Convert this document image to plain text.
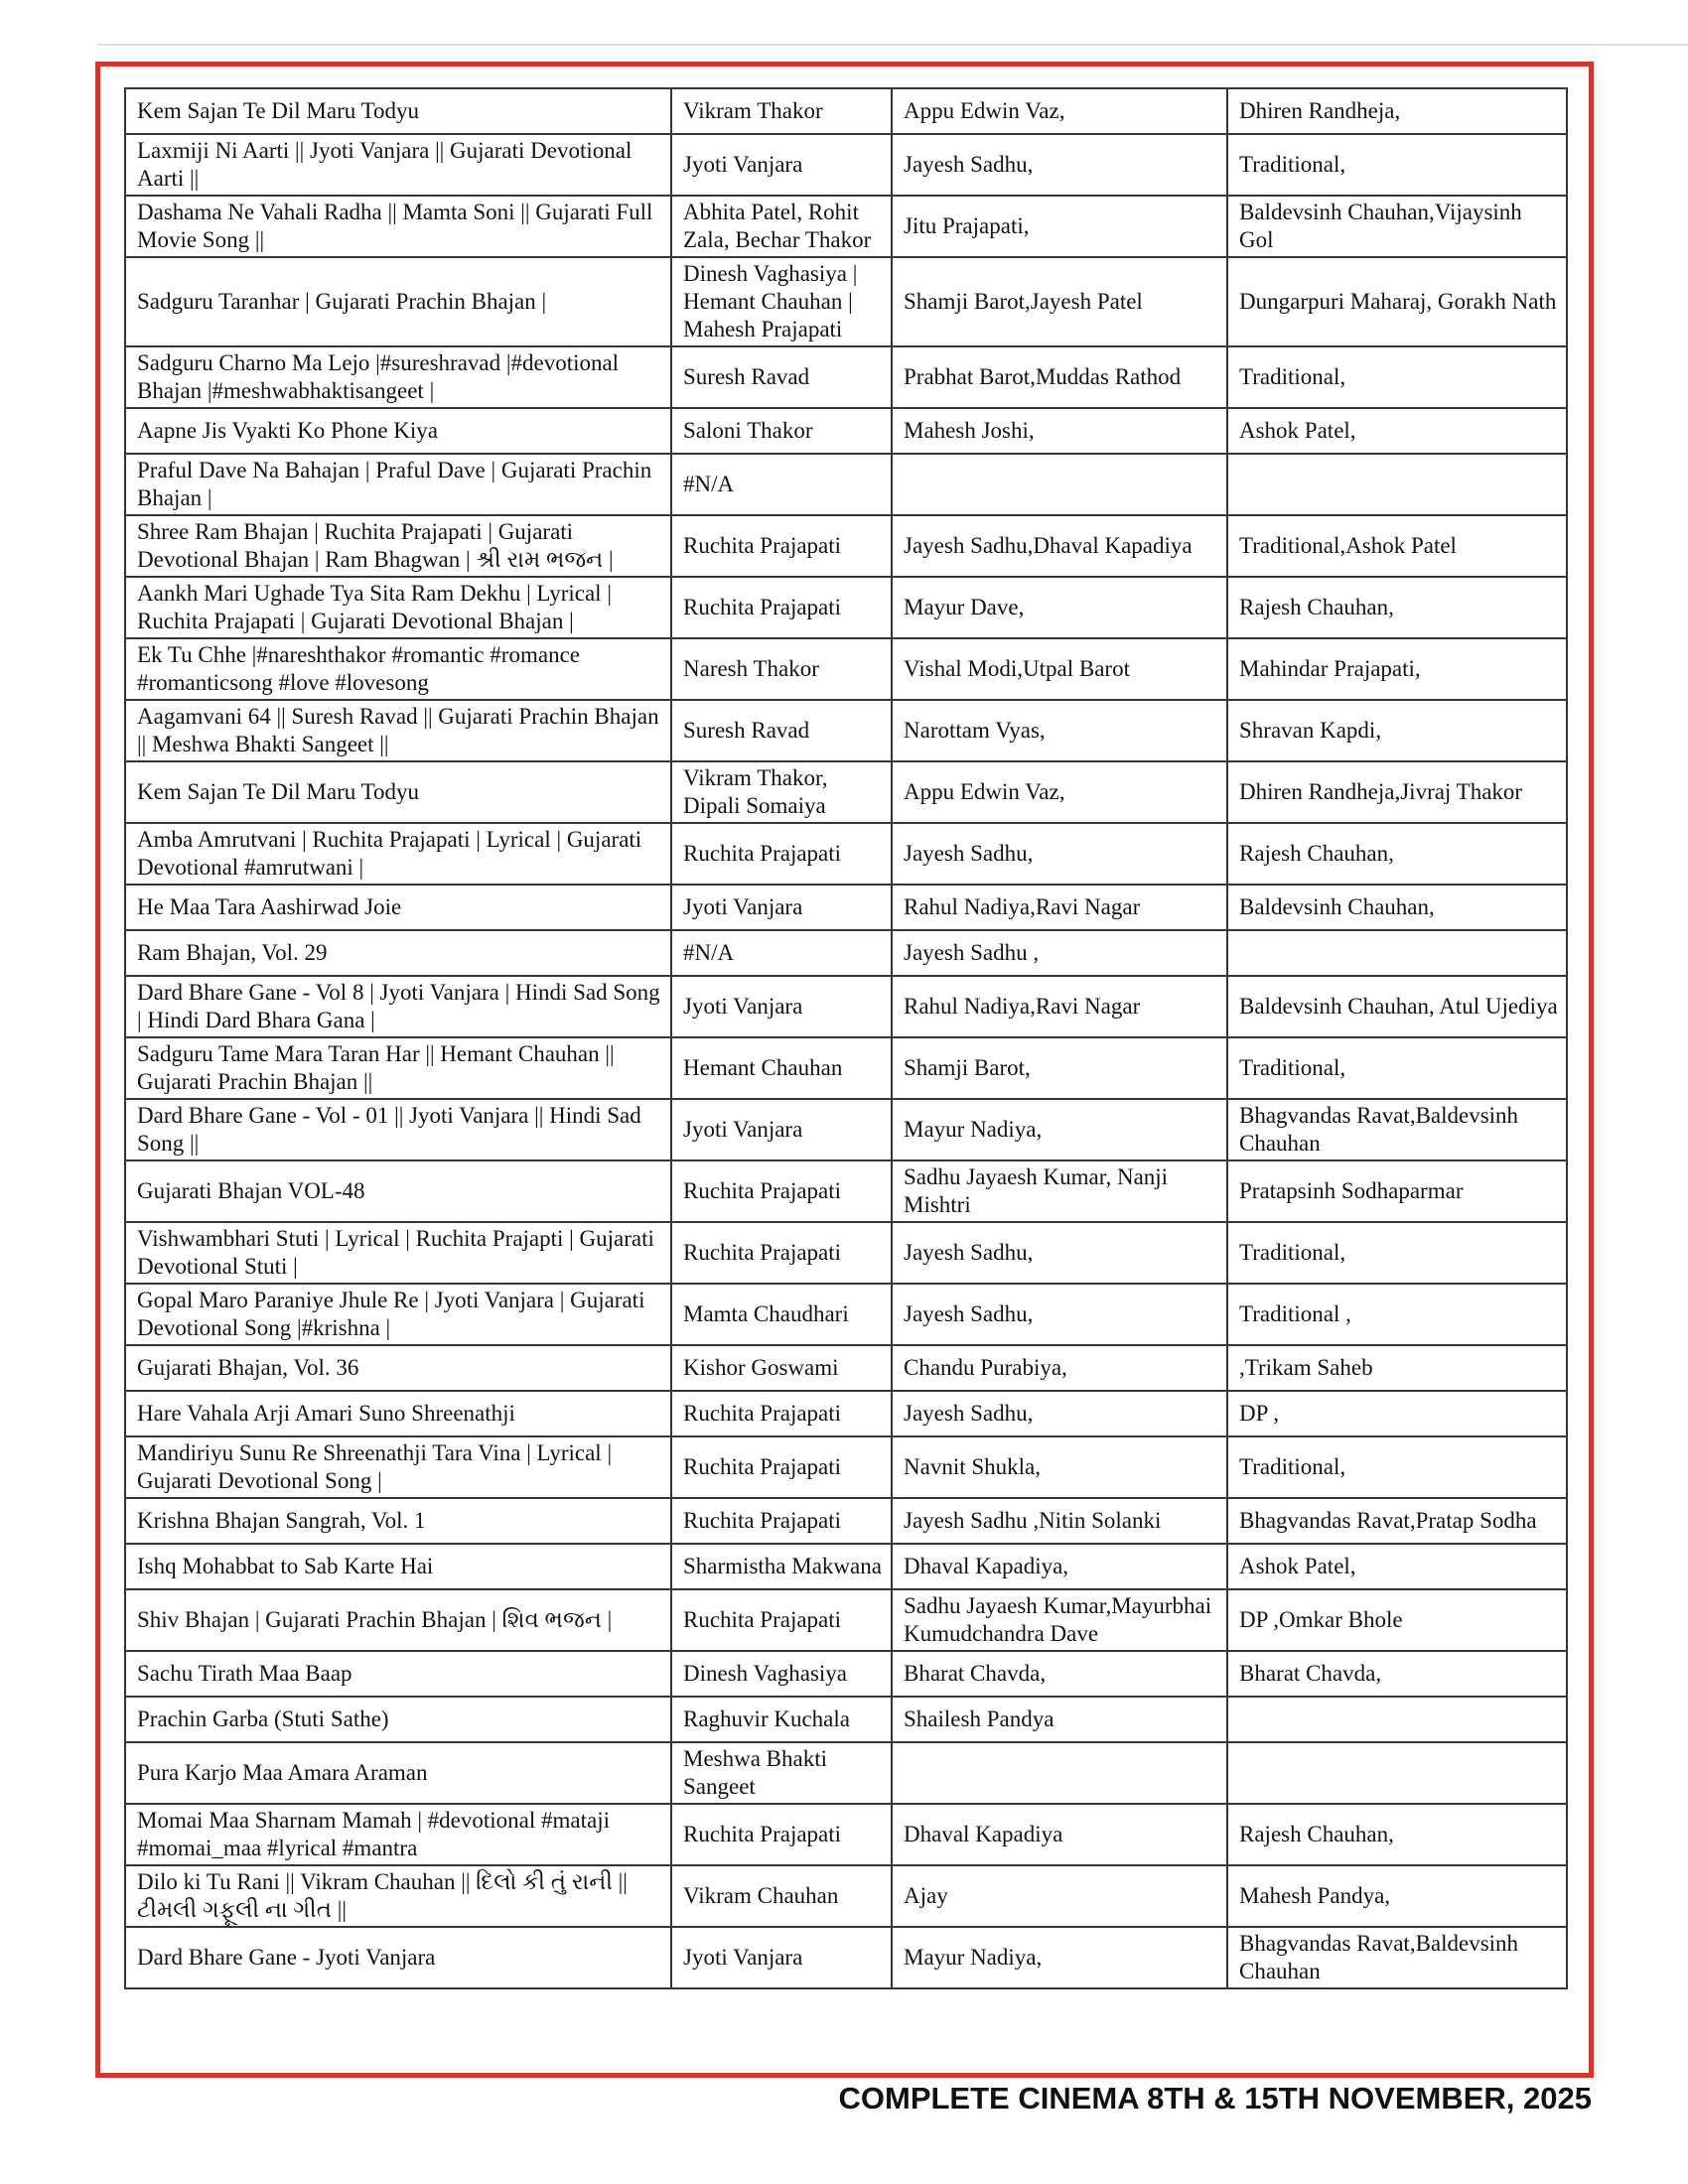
Kem Sajan Te Dil Maru Todyu	Vikram Thakor	Appu Edwin Vaz,	Dhiren Randheja,
Laxmiji Ni Aarti || Jyoti Vanjara || Gujarati Devotional Aarti ||	Jyoti Vanjara	Jayesh Sadhu,	Traditional,
Dashama Ne Vahali Radha || Mamta Soni || Gujarati Full Movie Song ||	Abhita Patel, Rohit Zala, Bechar Thakor	Jitu Prajapati,	Baldevsinh Chauhan,Vijaysinh Gol
Sadguru Taranhar | Gujarati Prachin Bhajan |	Dinesh Vaghasiya | Hemant Chauhan | Mahesh Prajapati	Shamji Barot,Jayesh Patel	Dungarpuri Maharaj, Gorakh Nath
Sadguru Charno Ma Lejo |#sureshravad |#devotional Bhajan |#meshwabhaktisangeet |	Suresh Ravad	Prabhat Barot,Muddas Rathod	Traditional,
Aapne Jis Vyakti Ko Phone Kiya	Saloni Thakor	Mahesh Joshi,	Ashok Patel,
Praful Dave Na Bahajan | Praful Dave | Gujarati Prachin Bhajan |	#N/A		
Shree Ram Bhajan | Ruchita Prajapati | Gujarati Devotional Bhajan | Ram Bhagwan | શ્રી રામ ભજન |	Ruchita Prajapati	Jayesh Sadhu,Dhaval Kapadiya	Traditional,Ashok Patel
Aankh Mari Ughade Tya Sita Ram Dekhu | Lyrical | Ruchita Prajapati | Gujarati Devotional Bhajan |	Ruchita Prajapati	Mayur Dave,	Rajesh Chauhan,
Ek Tu Chhe |#nareshthakor #romantic #romance #romanticsong #love #lovesong	Naresh Thakor	Vishal Modi,Utpal Barot	Mahindar Prajapati,
Aagamvani 64 || Suresh Ravad || Gujarati Prachin Bhajan || Meshwa Bhakti Sangeet ||	Suresh Ravad	Narottam Vyas,	Shravan Kapdi,
Kem Sajan Te Dil Maru Todyu	Vikram Thakor, Dipali Somaiya	Appu Edwin Vaz,	Dhiren Randheja,Jivraj Thakor
Amba Amrutvani | Ruchita Prajapati | Lyrical | Gujarati Devotional #amrutwani |	Ruchita Prajapati	Jayesh Sadhu,	Rajesh Chauhan,
He Maa Tara Aashirwad Joie	Jyoti Vanjara	Rahul Nadiya,Ravi Nagar	Baldevsinh Chauhan,
Ram Bhajan, Vol. 29	#N/A	Jayesh Sadhu ,	
Dard Bhare Gane - Vol 8 | Jyoti Vanjara | Hindi Sad Song | Hindi Dard Bhara Gana |	Jyoti Vanjara	Rahul Nadiya,Ravi Nagar	Baldevsinh Chauhan, Atul Ujediya
Sadguru Tame Mara Taran Har || Hemant Chauhan || Gujarati Prachin Bhajan ||	Hemant Chauhan	Shamji Barot,	Traditional,
Dard Bhare Gane - Vol - 01 || Jyoti Vanjara || Hindi Sad Song ||	Jyoti Vanjara	Mayur Nadiya,	Bhagvandas Ravat,Baldevsinh Chauhan
Gujarati Bhajan VOL-48	Ruchita Prajapati	Sadhu Jayaesh Kumar, Nanji Mishtri	Pratapsinh Sodhaparmar
Vishwambhari Stuti | Lyrical | Ruchita Prajapti | Gujarati Devotional Stuti |	Ruchita Prajapati	Jayesh Sadhu,	Traditional,
Gopal Maro Paraniye Jhule Re | Jyoti Vanjara | Gujarati Devotional Song |#krishna |	Mamta Chaudhari	Jayesh Sadhu,	Traditional ,
Gujarati Bhajan, Vol. 36	Kishor Goswami	Chandu Purabiya,	,Trikam Saheb
Hare Vahala Arji Amari Suno Shreenathji	Ruchita Prajapati	Jayesh Sadhu,	DP ,
Mandiriyu Sunu Re Shreenathji Tara Vina | Lyrical | Gujarati Devotional Song |	Ruchita Prajapati	Navnit Shukla,	Traditional,
Krishna Bhajan Sangrah, Vol. 1	Ruchita Prajapati	Jayesh Sadhu ,Nitin Solanki	Bhagvandas Ravat,Pratap Sodha
Ishq Mohabbat to Sab Karte Hai	Sharmistha Makwana	Dhaval Kapadiya,	Ashok Patel,
Shiv Bhajan | Gujarati Prachin Bhajan | શિવ ભજન |	Ruchita Prajapati	Sadhu Jayaesh Kumar,Mayurbhai Kumudchandra Dave	DP ,Omkar Bhole
Sachu Tirath Maa Baap	Dinesh Vaghasiya	Bharat Chavda,	Bharat Chavda,
Prachin Garba (Stuti Sathe)	Raghuvir Kuchala	Shailesh Pandya	
Pura Karjo Maa Amara Araman	Meshwa Bhakti Sangeet		
Momai Maa Sharnam Mamah | #devotional #mataji #momai_maa #lyrical #mantra	Ruchita Prajapati	Dhaval Kapadiya	Rajesh Chauhan,
Dilo ki Tu Rani || Vikram Chauhan || દિલો કી તું રાની || ટીમલી ગફૂલી ના ગીત ||	Vikram Chauhan	Ajay	Mahesh Pandya,
Dard Bhare Gane - Jyoti Vanjara	Jyoti Vanjara	Mayur Nadiya,	Bhagvandas Ravat,Baldevsinh Chauhan
COMPLETE CINEMA 8TH & 15TH NOVEMBER, 2025
